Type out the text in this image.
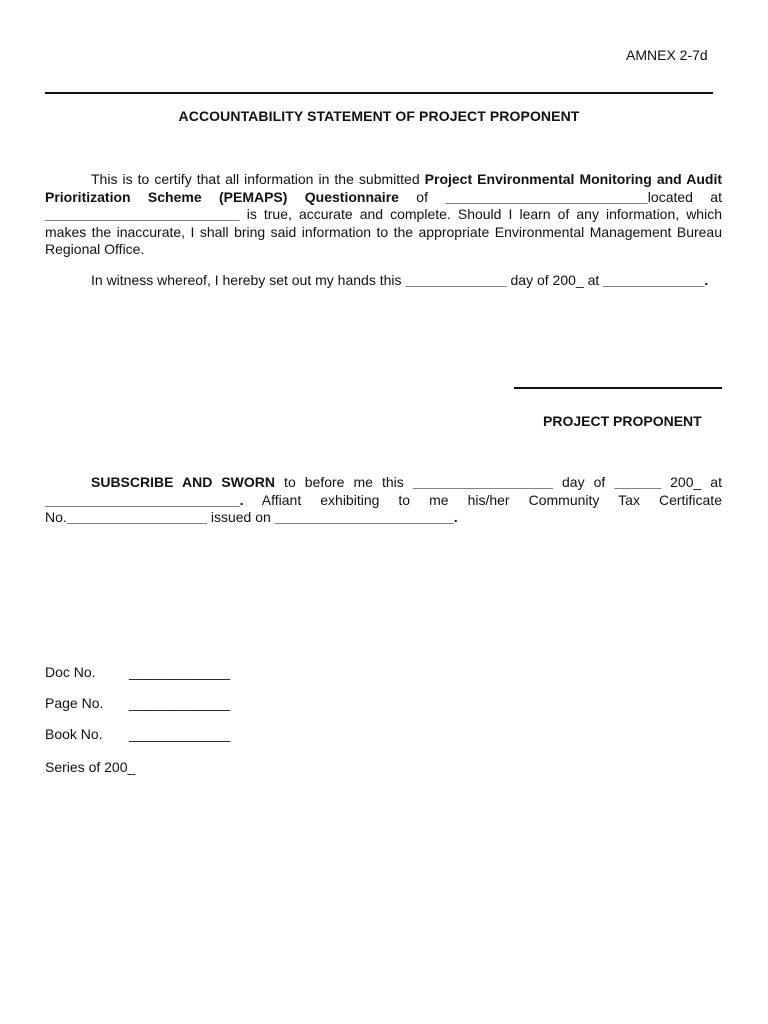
AMNEX 2-7d
ACCOUNTABILITY STATEMENT OF PROJECT PROPONENT
This is to certify that all information in the submitted Project Environmental Monitoring and Audit Prioritization Scheme (PEMAPS) Questionnaire of __________________________located at _________________________ is true, accurate and complete. Should I learn of any information, which makes the inaccurate, I shall bring said information to the appropriate Environmental Management Bureau Regional Office.
In witness whereof, I hereby set out my hands this _____________ day of 200_ at _____________.
PROJECT PROPONENT
SUBSCRIBE AND SWORN to before me this __________________ day of ______ 200_ at _________________________. Affiant exhibiting to me his/her Community Tax Certificate No.__________________ issued on _______________________.
Doc No. _____________
Page No. _____________
Book No. _____________
Series of 200_
